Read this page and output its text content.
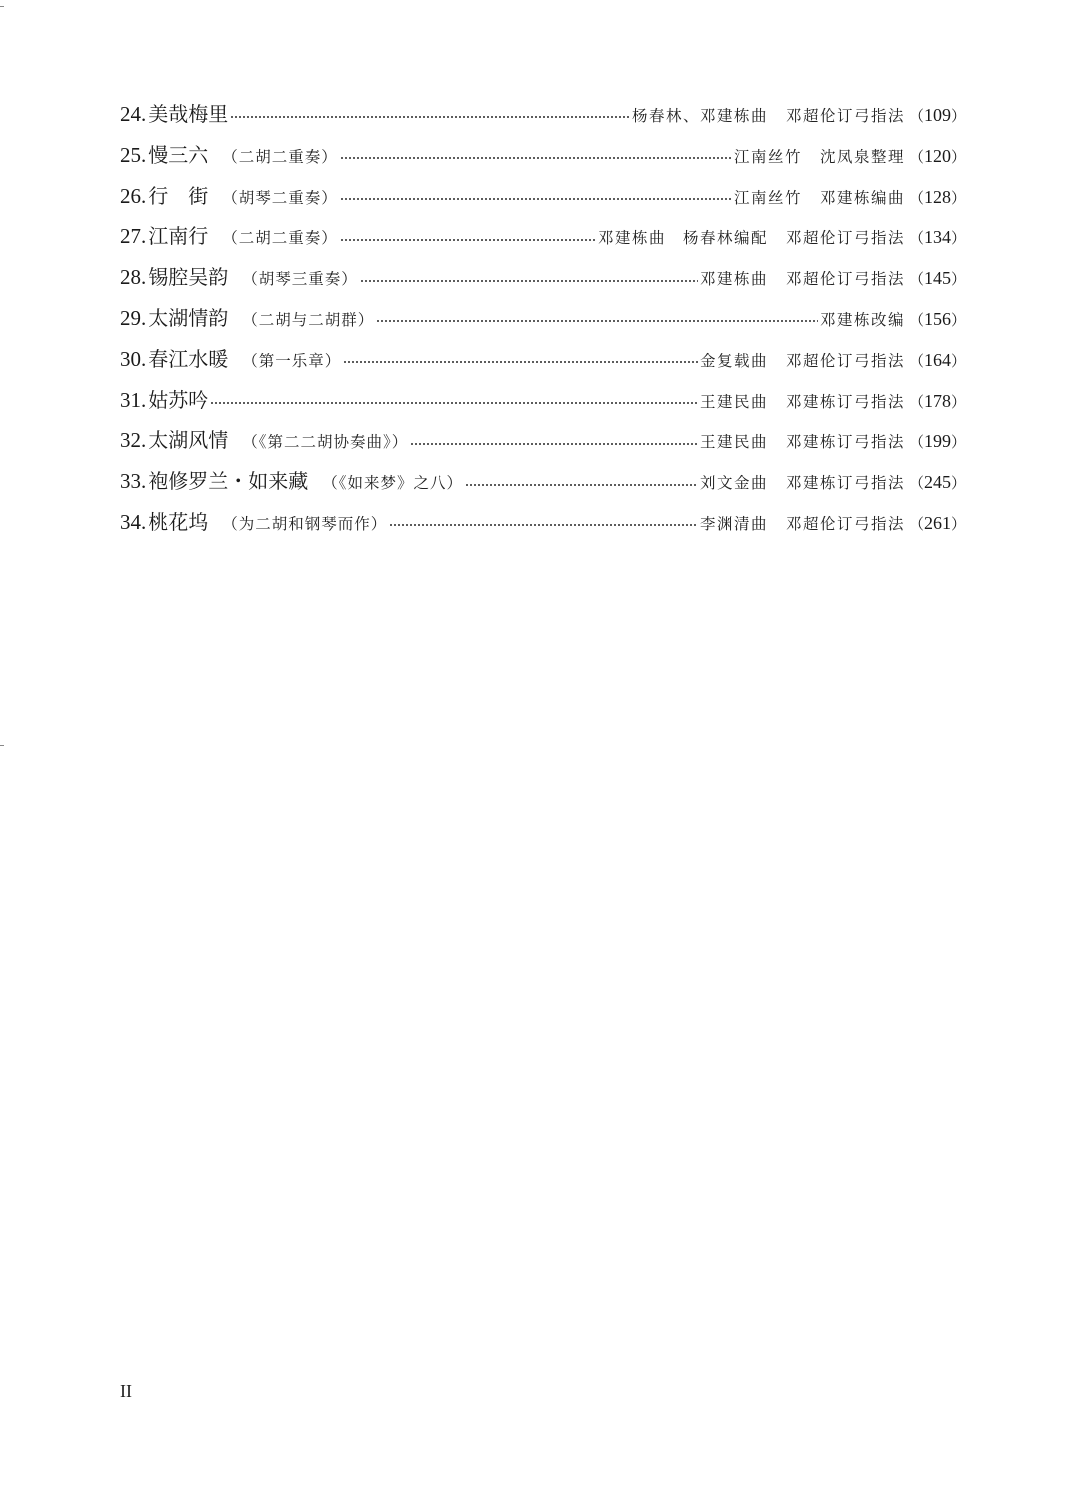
24. 美哉梅里	杨春林、邓建栋曲 邓超伦订弓指法 （109）
25. 慢三六 （二胡二重奏）	江南丝竹 沈凤泉整理 （120）
26. 行　街 （胡琴二重奏）	江南丝竹 邓建栋编曲 （128）
27. 江南行 （二胡二重奏）	邓建栋曲　杨春林编配 邓超伦订弓指法 （134）
28. 锡腔吴韵 （胡琴三重奏）	邓建栋曲 邓超伦订弓指法 （145）
29. 太湖情韵 （二胡与二胡群）	邓建栋改编 （156）
30. 春江水暖 （第一乐章）	金复载曲 邓超伦订弓指法 （164）
31. 姑苏吟	王建民曲 邓建栋订弓指法 （178）
32. 太湖风情 （《第二二胡协奏曲》）	王建民曲 邓建栋订弓指法 （199）
33. 袍修罗兰・如来藏 （《如来梦》之八）	刘文金曲 邓建栋订弓指法 （245）
34. 桃花坞 （为二胡和钢琴而作）	李渊清曲 邓超伦订弓指法 （261）
II
